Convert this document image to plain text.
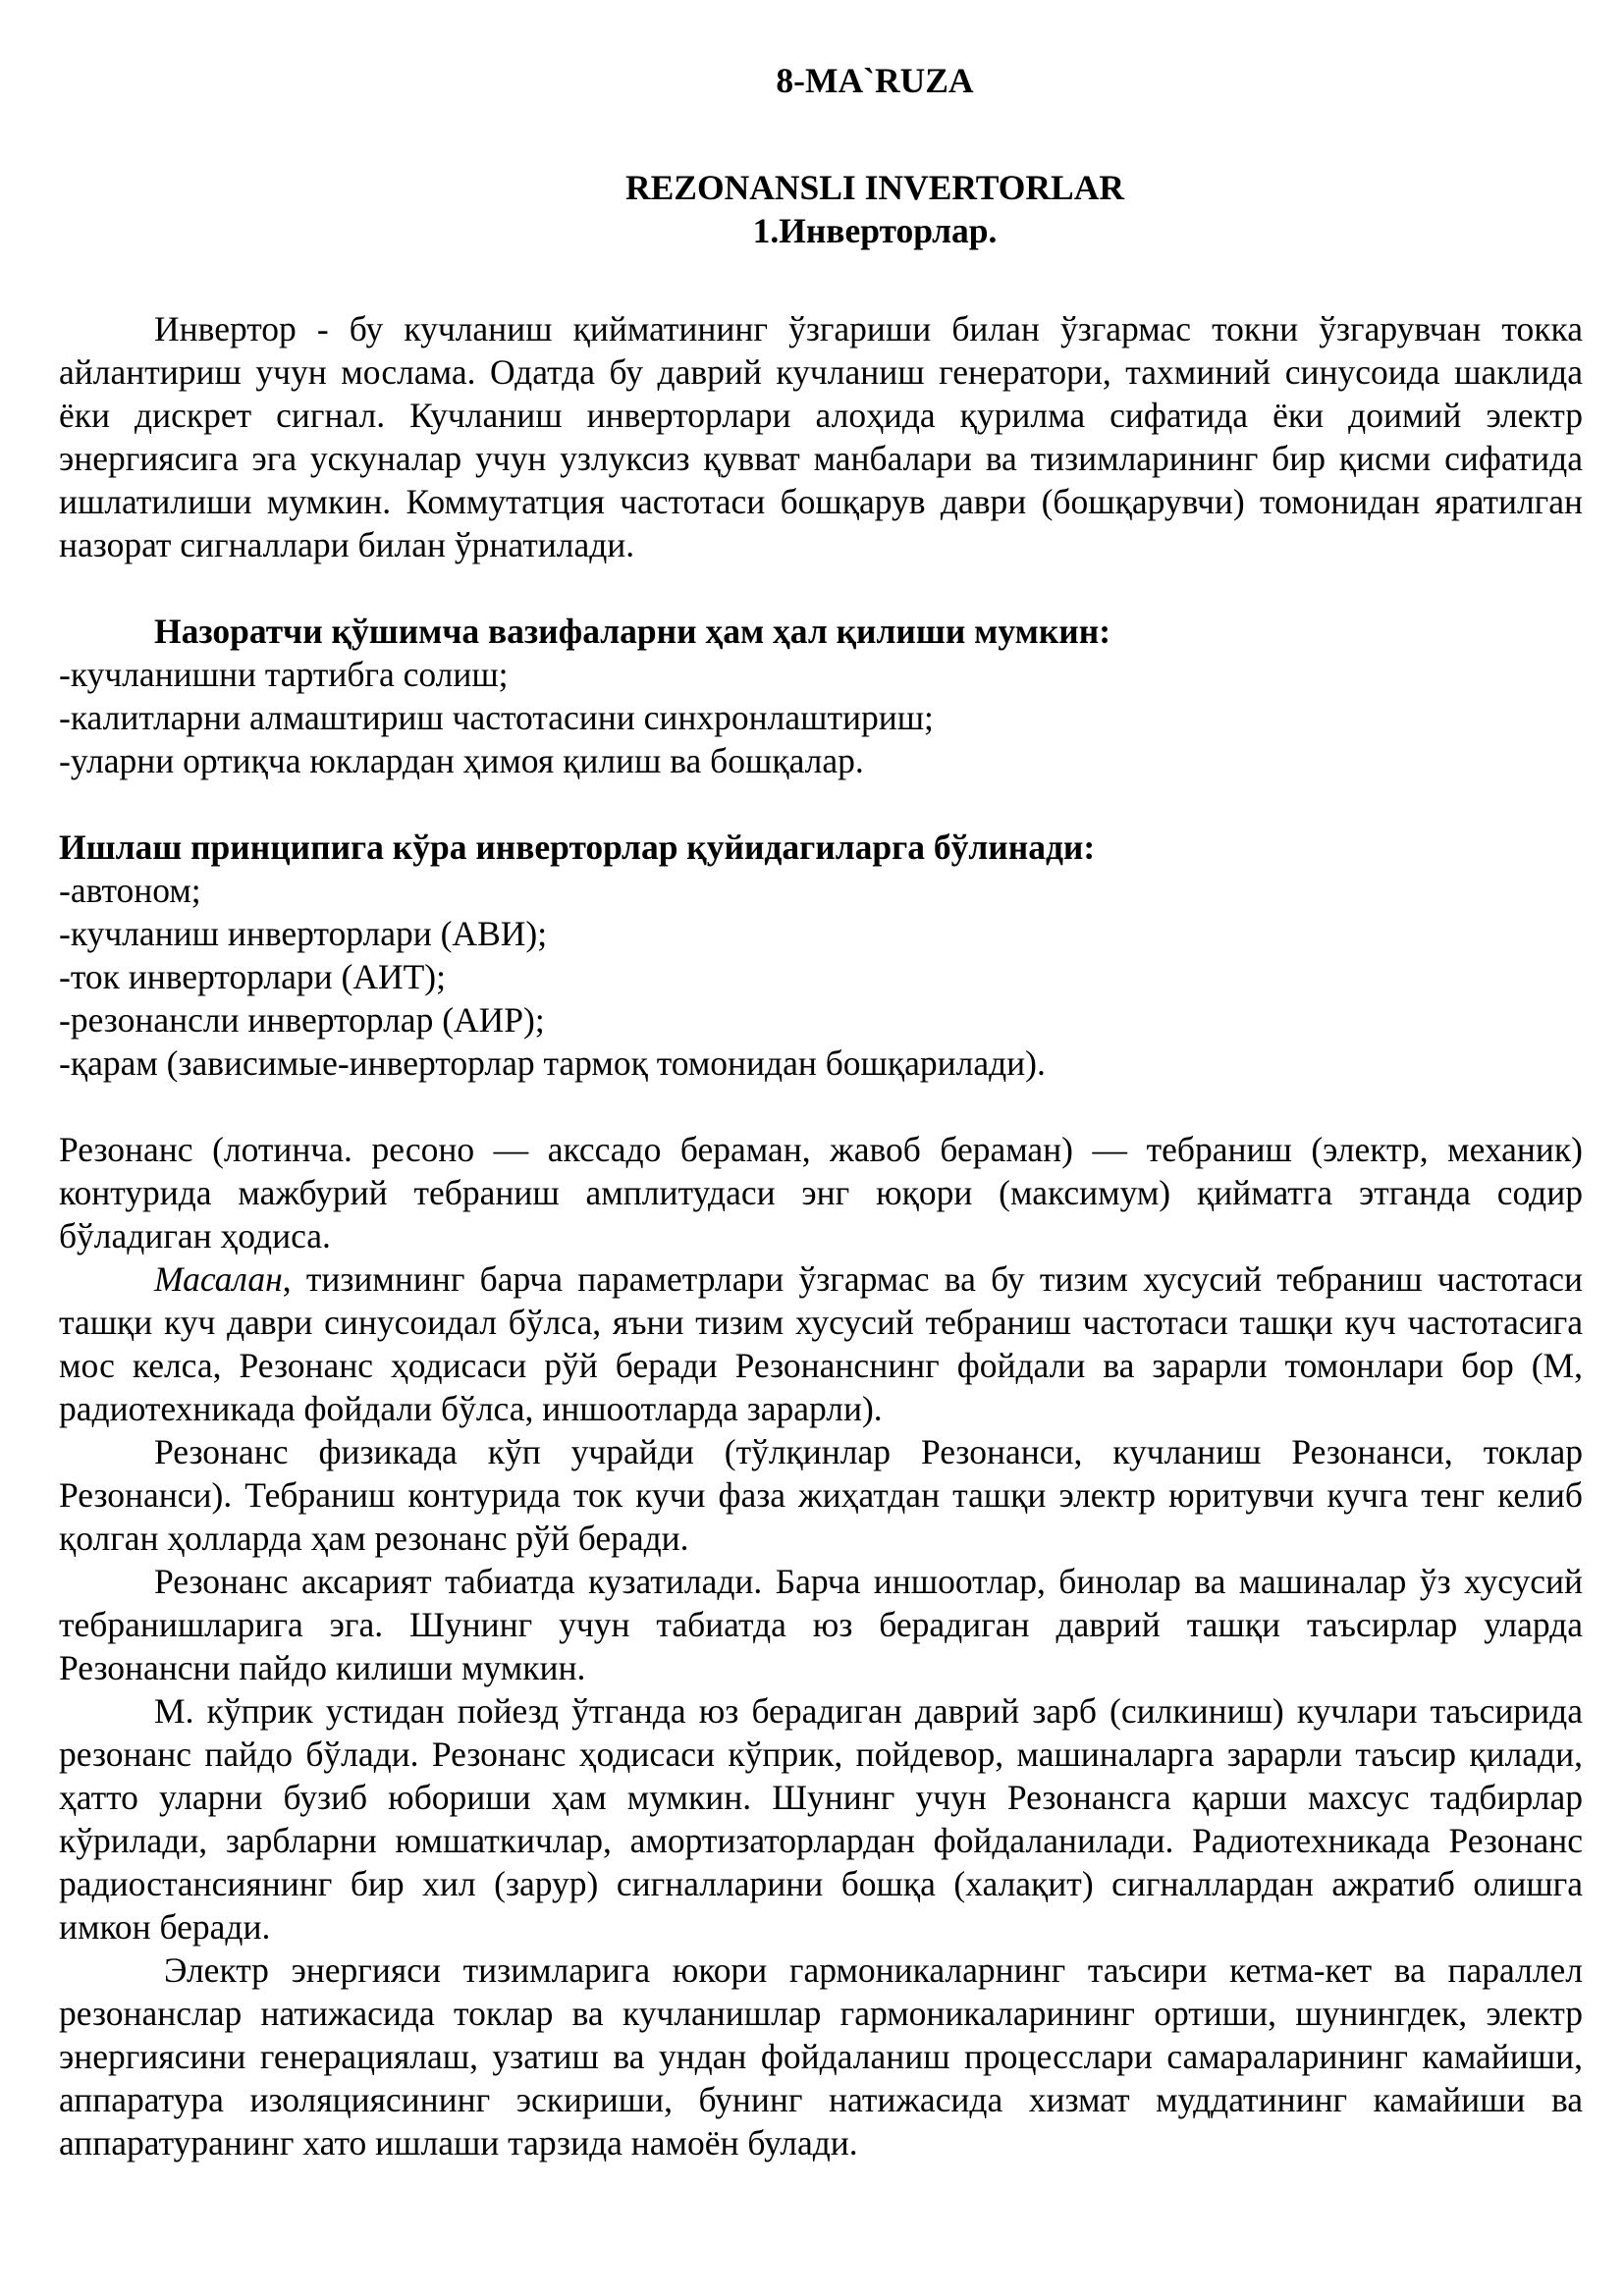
8-MA`RUZA
REZONANSLI INVERTORLAR
1.Инверторлар.

Инвертор - бу кучланиш қийматининг ўзгариши билан ўзгармас токни ўзгарувчан токка айлантириш учун мослама. Одатда бу даврий кучланиш генератори, тахминий синусоида шаклида ёки дискрет сигнал. Кучланиш инверторлари алоҳида қурилма сифатида ёки доимий электр энергиясига эга ускуналар учун узлуксиз қувват манбалари ва тизимларининг бир қисми сифатида ишлатилиши мумкин. Коммутатция частотаси бошқарув даври (бошқарувчи) томонидан яратилган назорат сигналлари билан ўрнатилади.

Назоратчи қўшимча вазифаларни ҳам ҳал қилиши мумкин:

-кучланишни тартибга солиш;
-калитларни алмаштириш частотасини синхронлаштириш;
-уларни ортиқча юклардан ҳимоя қилиш ва бошқалар.

Ишлаш принципига кўра инверторлар қуйидагиларга бўлинади:

-автоном;
-кучланиш инверторлари (АВИ);
-ток инверторлари (АИТ);
-резонансли инверторлар (АИР);
-қарам (зависимые-инверторлар тармоқ томонидан бошқарилади).

Резонанс (лотинча. ресоно — акссадо бераман, жавоб бераман) — тебраниш (электр, механик) контурида мажбурий тебраниш амплитудаси энг юқори (максимум) қийматга этганда содир бўладиган ҳодиса.

Масалан, тизимнинг барча параметрлари ўзгармас ва бу тизим хусусий тебраниш частотаси ташқи куч даври синусоидал бўлса, яъни тизим хусусий тебраниш частотаси ташқи куч частотасига мос келса, Резонанс ҳодисаси рўй беради Резонанснинг фойдали ва зарарли томонлари бор (М, радиотехникада фойдали бўлса, иншоотларда зарарли).

Резонанс физикада кўп учрайди (тўлқинлар Резонанси, кучланиш Резонанси, токлар Резонанси). Тебраниш контурида ток кучи фаза жиҳатдан ташқи электр юритувчи кучга тенг келиб қолган ҳолларда ҳам резонанс рўй беради.

Резонанс аксарият табиатда кузатилади. Барча иншоотлар, бинолар ва машиналар ўз хусусий тебранишларига эга. Шунинг учун табиатда юз берадиган даврий ташқи таъсирлар уларда Резонансни пайдо килиши мумкин.

М. кўприк устидан пойезд ўтганда юз берадиган даврий зарб (силкиниш) кучлари таъсирида резонанс пайдо бўлади. Резонанс ҳодисаси кўприк, пойдевор, машиналарга зарарли таъсир қилади, ҳатто уларни бузиб юбориши ҳам мумкин. Шунинг учун Резонансга қарши махсус тадбирлар кўрилади, зарбларни юмшаткичлар, амортизаторлардан фойдаланилади. Радиотехникада Резонанс радиостансиянинг бир хил (зарур) сигналларини бошқа (халақит) сигналлардан ажратиб олишга имкон беради.

Электр энергияси тизимларига юкори гармоникаларнинг таъсири кетма-кет ва параллел резонанслар натижасида токлар ва кучланишлар гармоникаларининг ортиши, шунингдек, электр энергиясини генерациялаш, узатиш ва ундан фойдаланиш процесслари самараларининг камайиши, аппаратура изоляциясининг эскириши, бунинг натижасида хизмат муддатининг камайиши ва аппаратуранинг хато ишлаши тарзида намоён булади.
